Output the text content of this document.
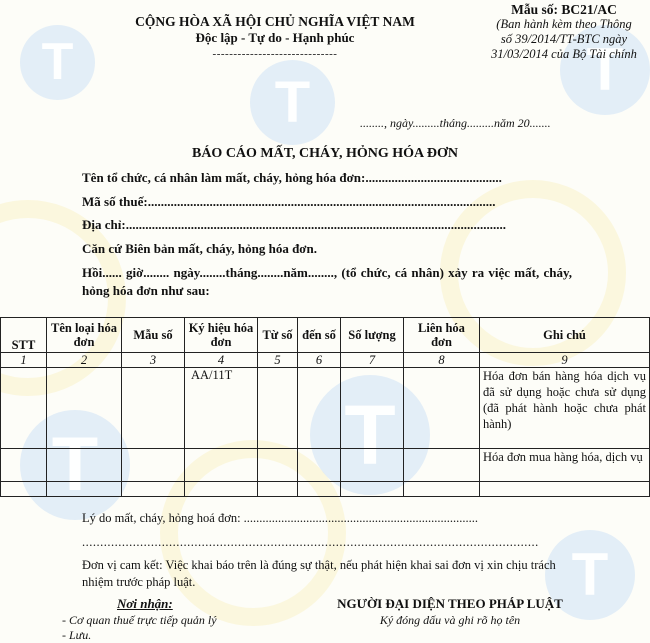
T
T
T
T
T
T
CỘNG HÒA XÃ HỘI CHỦ NGHĨA VIỆT NAM
Độc lập - Tự do - Hạnh phúc
------------------------------
Mẫu số: BC21/AC
(Ban hành kèm theo Thông
số 39/2014/TT-BTC ngày
31/03/2014 của Bộ Tài chính
........, ngày.........tháng.........năm 20.......
BÁO CÁO MẤT, CHÁY, HỎNG HÓA ĐƠN
Tên tổ chức, cá nhân làm mất, cháy, hỏng hóa đơn:..........................................
Mã số thuế:...........................................................................................................
Địa chỉ:.....................................................................................................................
Căn cứ Biên bản mất, cháy, hỏng hóa đơn.
Hồi...... giờ........ ngày........tháng........năm........, (tổ chức, cá nhân) xảy ra việc mất, cháy, hỏng hóa đơn như sau:
STT	Tên loại hóa đơn	Mẫu số	Ký hiệu hóa đơn	Từ số	đến số	Số lượng	Liên hóa đơn	Ghi chú
1	2	3	4	5	6	7	8	9
			AA/11T					Hóa đơn bán hàng hóa dịch vụ đã sử dụng hoặc chưa sử dụng (đã phát hành hoặc chưa phát hành)
								Hóa đơn mua hàng hóa, dịch vụ

Lý do mất, cháy, hỏng hoá đơn: ...........................................................................
..............................................................................................................................
Đơn vị cam kết: Việc khai báo trên là đúng sự thật, nếu phát hiện khai sai đơn vị xin chịu trách nhiệm trước pháp luật.
Nơi nhận:
- Cơ quan thuế trực tiếp quản lý
- Lưu.
NGƯỜI ĐẠI DIỆN THEO PHÁP LUẬT
Ký đóng dấu và ghi rõ họ tên
